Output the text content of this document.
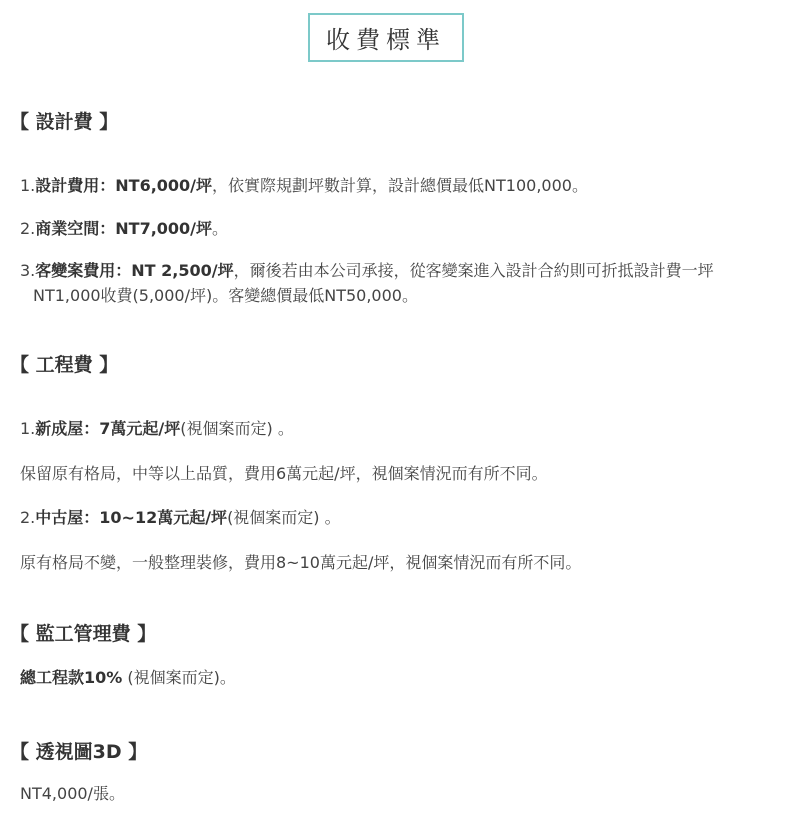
收費標準
【 設計費 】
1.設計費用：NT6,000/坪，依實際規劃坪數計算，設計總價最低NT100,000。
2.商業空間：NT7,000/坪。
3.客變案費用：NT 2,500/坪，爾後若由本公司承接，從客變案進入設計合約則可折抵設計費一坪
NT1,000收費(5,000/坪)。客變總價最低NT50,000。
【 工程費 】
1.新成屋：7萬元起/坪(視個案而定) 。
保留原有格局，中等以上品質，費用6萬元起/坪，視個案情況而有所不同。
2.中古屋：10~12萬元起/坪(視個案而定) 。
原有格局不變，一般整理裝修，費用8~10萬元起/坪，視個案情況而有所不同。
【 監工管理費 】
總工程款10% (視個案而定)。
【 透視圖3D 】
NT4,000/張。
